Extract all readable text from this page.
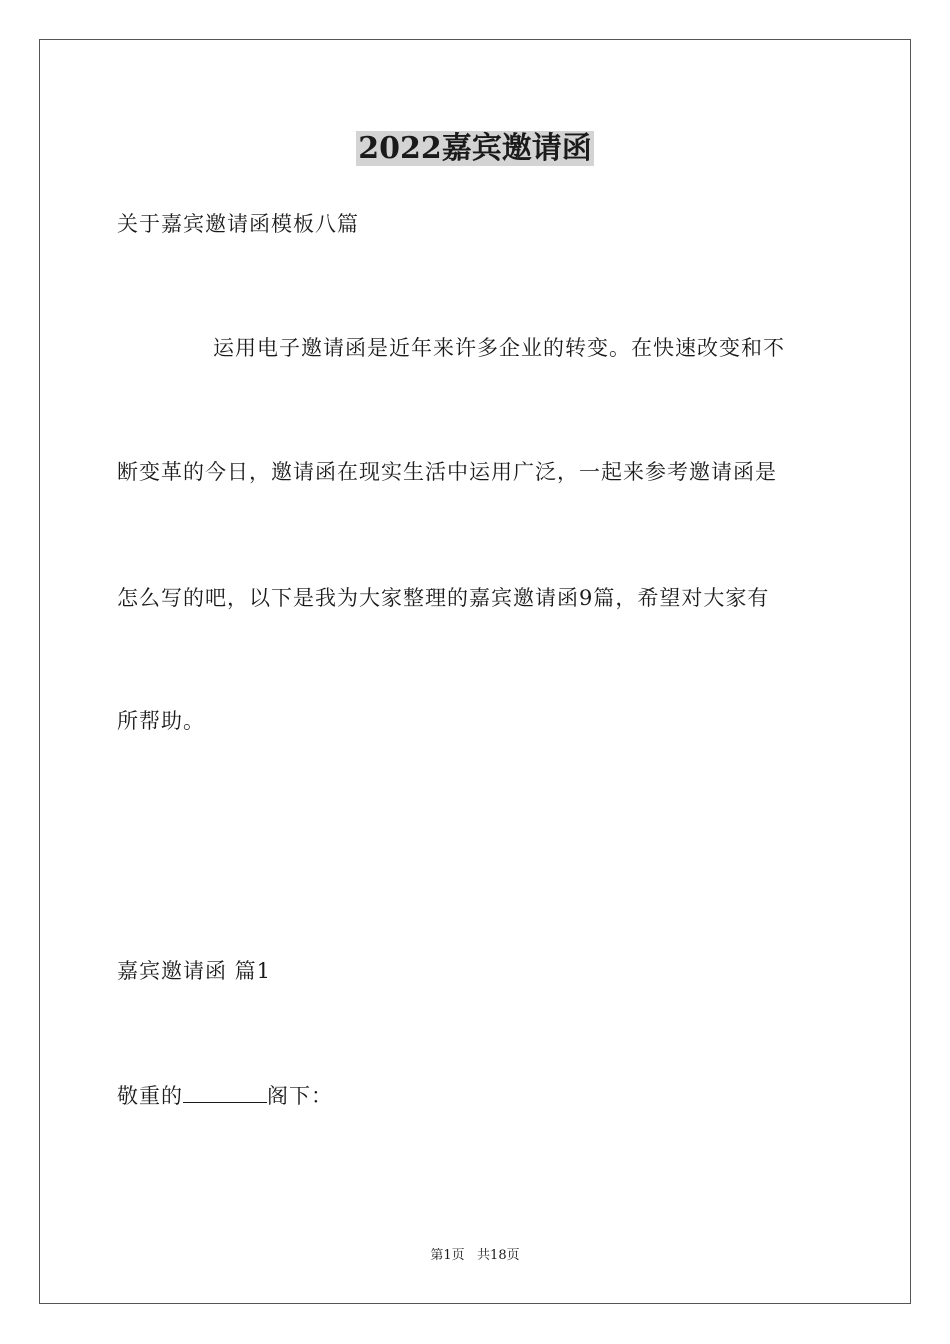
2022嘉宾邀请函
关于嘉宾邀请函模板八篇
运用电子邀请函是近年来许多企业的转变。在快速改变和不
断变革的今日，邀请函在现实生活中运用广泛，一起来参考邀请函是
怎么写的吧，以下是我为大家整理的嘉宾邀请函9篇，希望对大家有
所帮助。
嘉宾邀请函 篇1
敬重的	阁下：
第1页   共18页
